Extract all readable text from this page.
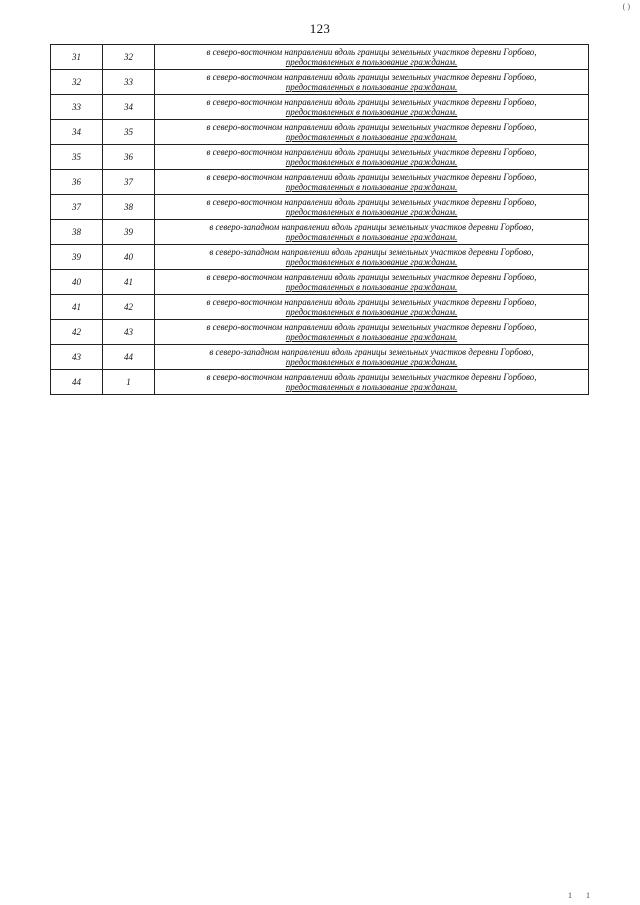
( )
123
31	32	в северо-восточном направлении вдоль границы земельных участков деревни Горбово,
предоставленных в пользование гражданам.

32	33	в северо-восточном направлении вдоль границы земельных участков деревни Горбово,
предоставленных в пользование гражданам.

33	34	в северо-восточном направлении вдоль границы земельных участков деревни Горбово,
предоставленных в пользование гражданам.

34	35	в северо-восточном направлении вдоль границы земельных участков деревни Горбово,
предоставленных в пользование гражданам.

35	36	в северо-восточном направлении вдоль границы земельных участков деревни Горбово,
предоставленных в пользование гражданам.

36	37	в северо-восточном направлении вдоль границы земельных участков деревни Горбово,
предоставленных в пользование гражданам.

37	38	в северо-восточном направлении вдоль границы земельных участков деревни Горбово,
предоставленных в пользование гражданам.

38	39	в северо-западном направлении вдоль границы земельных участков деревни Горбово,
предоставленных в пользование гражданам.

39	40	в северо-западном направлении вдоль границы земельных участков деревни Горбово,
предоставленных в пользование гражданам.

40	41	в северо-восточном направлении вдоль границы земельных участков деревни Горбово,
предоставленных в пользование гражданам.

41	42	в северо-восточном направлении вдоль границы земельных участков деревни Горбово,
предоставленных в пользование гражданам.

42	43	в северо-восточном направлении вдоль границы земельных участков деревни Горбово,
предоставленных в пользование гражданам.

43	44	в северо-западном направлении вдоль границы земельных участков деревни Горбово,
предоставленных в пользование гражданам.

44	1	в северо-восточном направлении вдоль границы земельных участков деревни Горбово,
предоставленных в пользование гражданам.
1 1
